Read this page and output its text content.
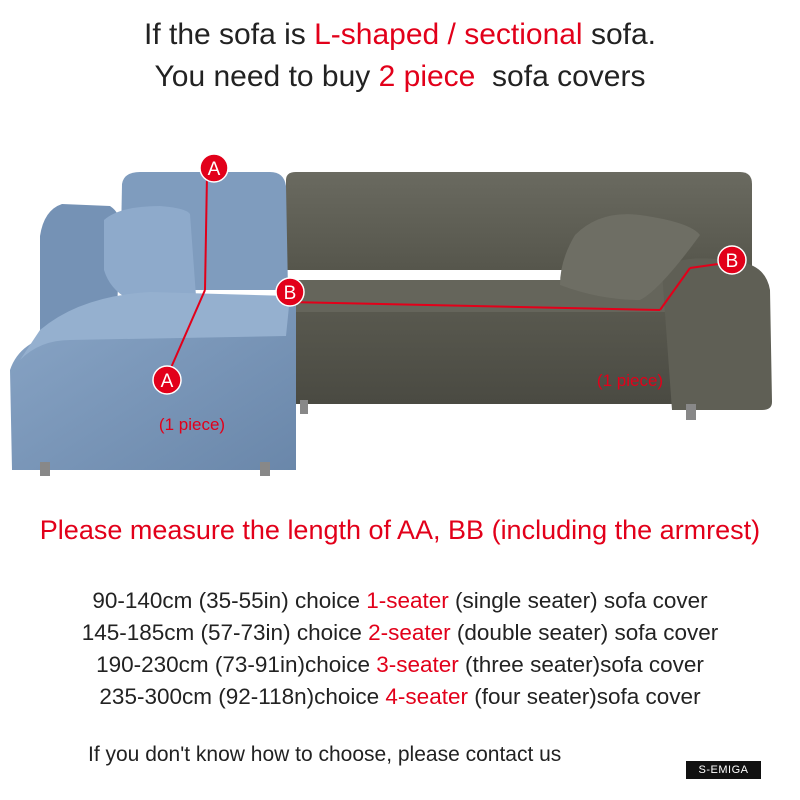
If the sofa is L-shaped / sectional sofa.
You need to buy 2 piece  sofa covers
A
A
B
B
(1 piece)
(1 piece)
Please measure the length of AA, BB (including the armrest)
90-140cm (35-55in) choice 1-seater (single seater) sofa cover
145-185cm (57-73in) choice 2-seater (double seater) sofa cover
190-230cm (73-91in)choice 3-seater (three seater)sofa cover
235-300cm (92-118n)choice 4-seater (four seater)sofa cover
If you don't know how to choose, please contact us
S-EMIGA
